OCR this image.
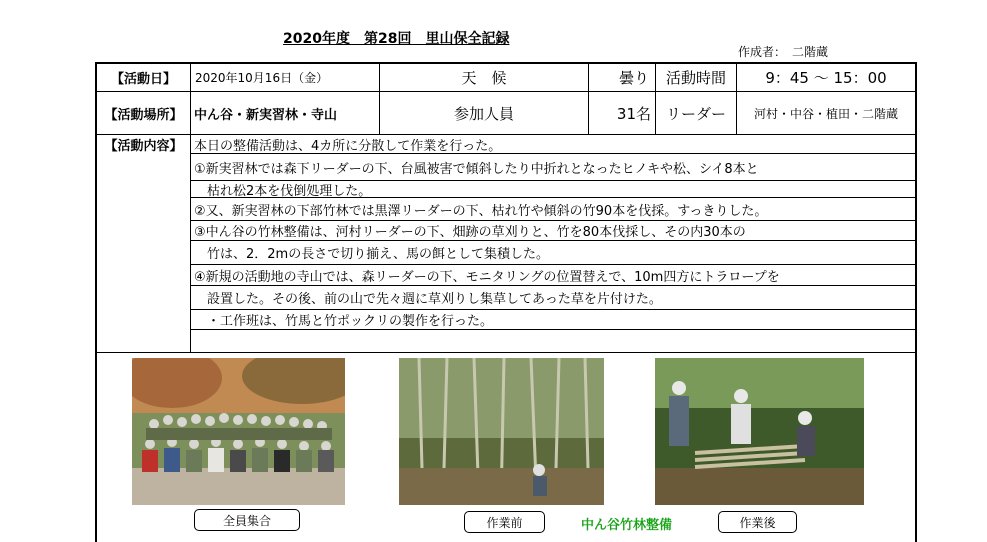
2020年度　第28回　里山保全記録
作成者：　二階蔵
【活動日】	2020年10月16日（金）	天　候	曇り	活動時間	9：45 ～ 15：00
【活動場所】 中ん谷・新実習林・寺山	参加人員	31名 リーダー	河村・中谷・植田・二階蔵
【活動内容】 本日の整備活動は、4カ所に分散して作業を行った。
①新実習林では森下リーダーの下、台風被害で傾斜したり中折れとなったヒノキや松、シイ8本と
　枯れ松2本を伐倒処理した。
②又、新実習林の下部竹林では黒澤リーダーの下、枯れ竹や傾斜の竹90本を伐採。すっきりした。
③中ん谷の竹林整備は、河村リーダーの下、畑跡の草刈りと、竹を80本伐採し、その内30本の
　竹は、2．2mの長さで切り揃え、馬の餌として集積した。
④新規の活動地の寺山では、森リーダーの下、モニタリングの位置替えで、10m四方にトラロープを
　設置した。その後、前の山で先々週に草刈りし集草してあった草を片付けた。
　・工作班は、竹馬と竹ポックリの製作を行った。
全員集合	作業前	中ん谷竹林整備	作業後
